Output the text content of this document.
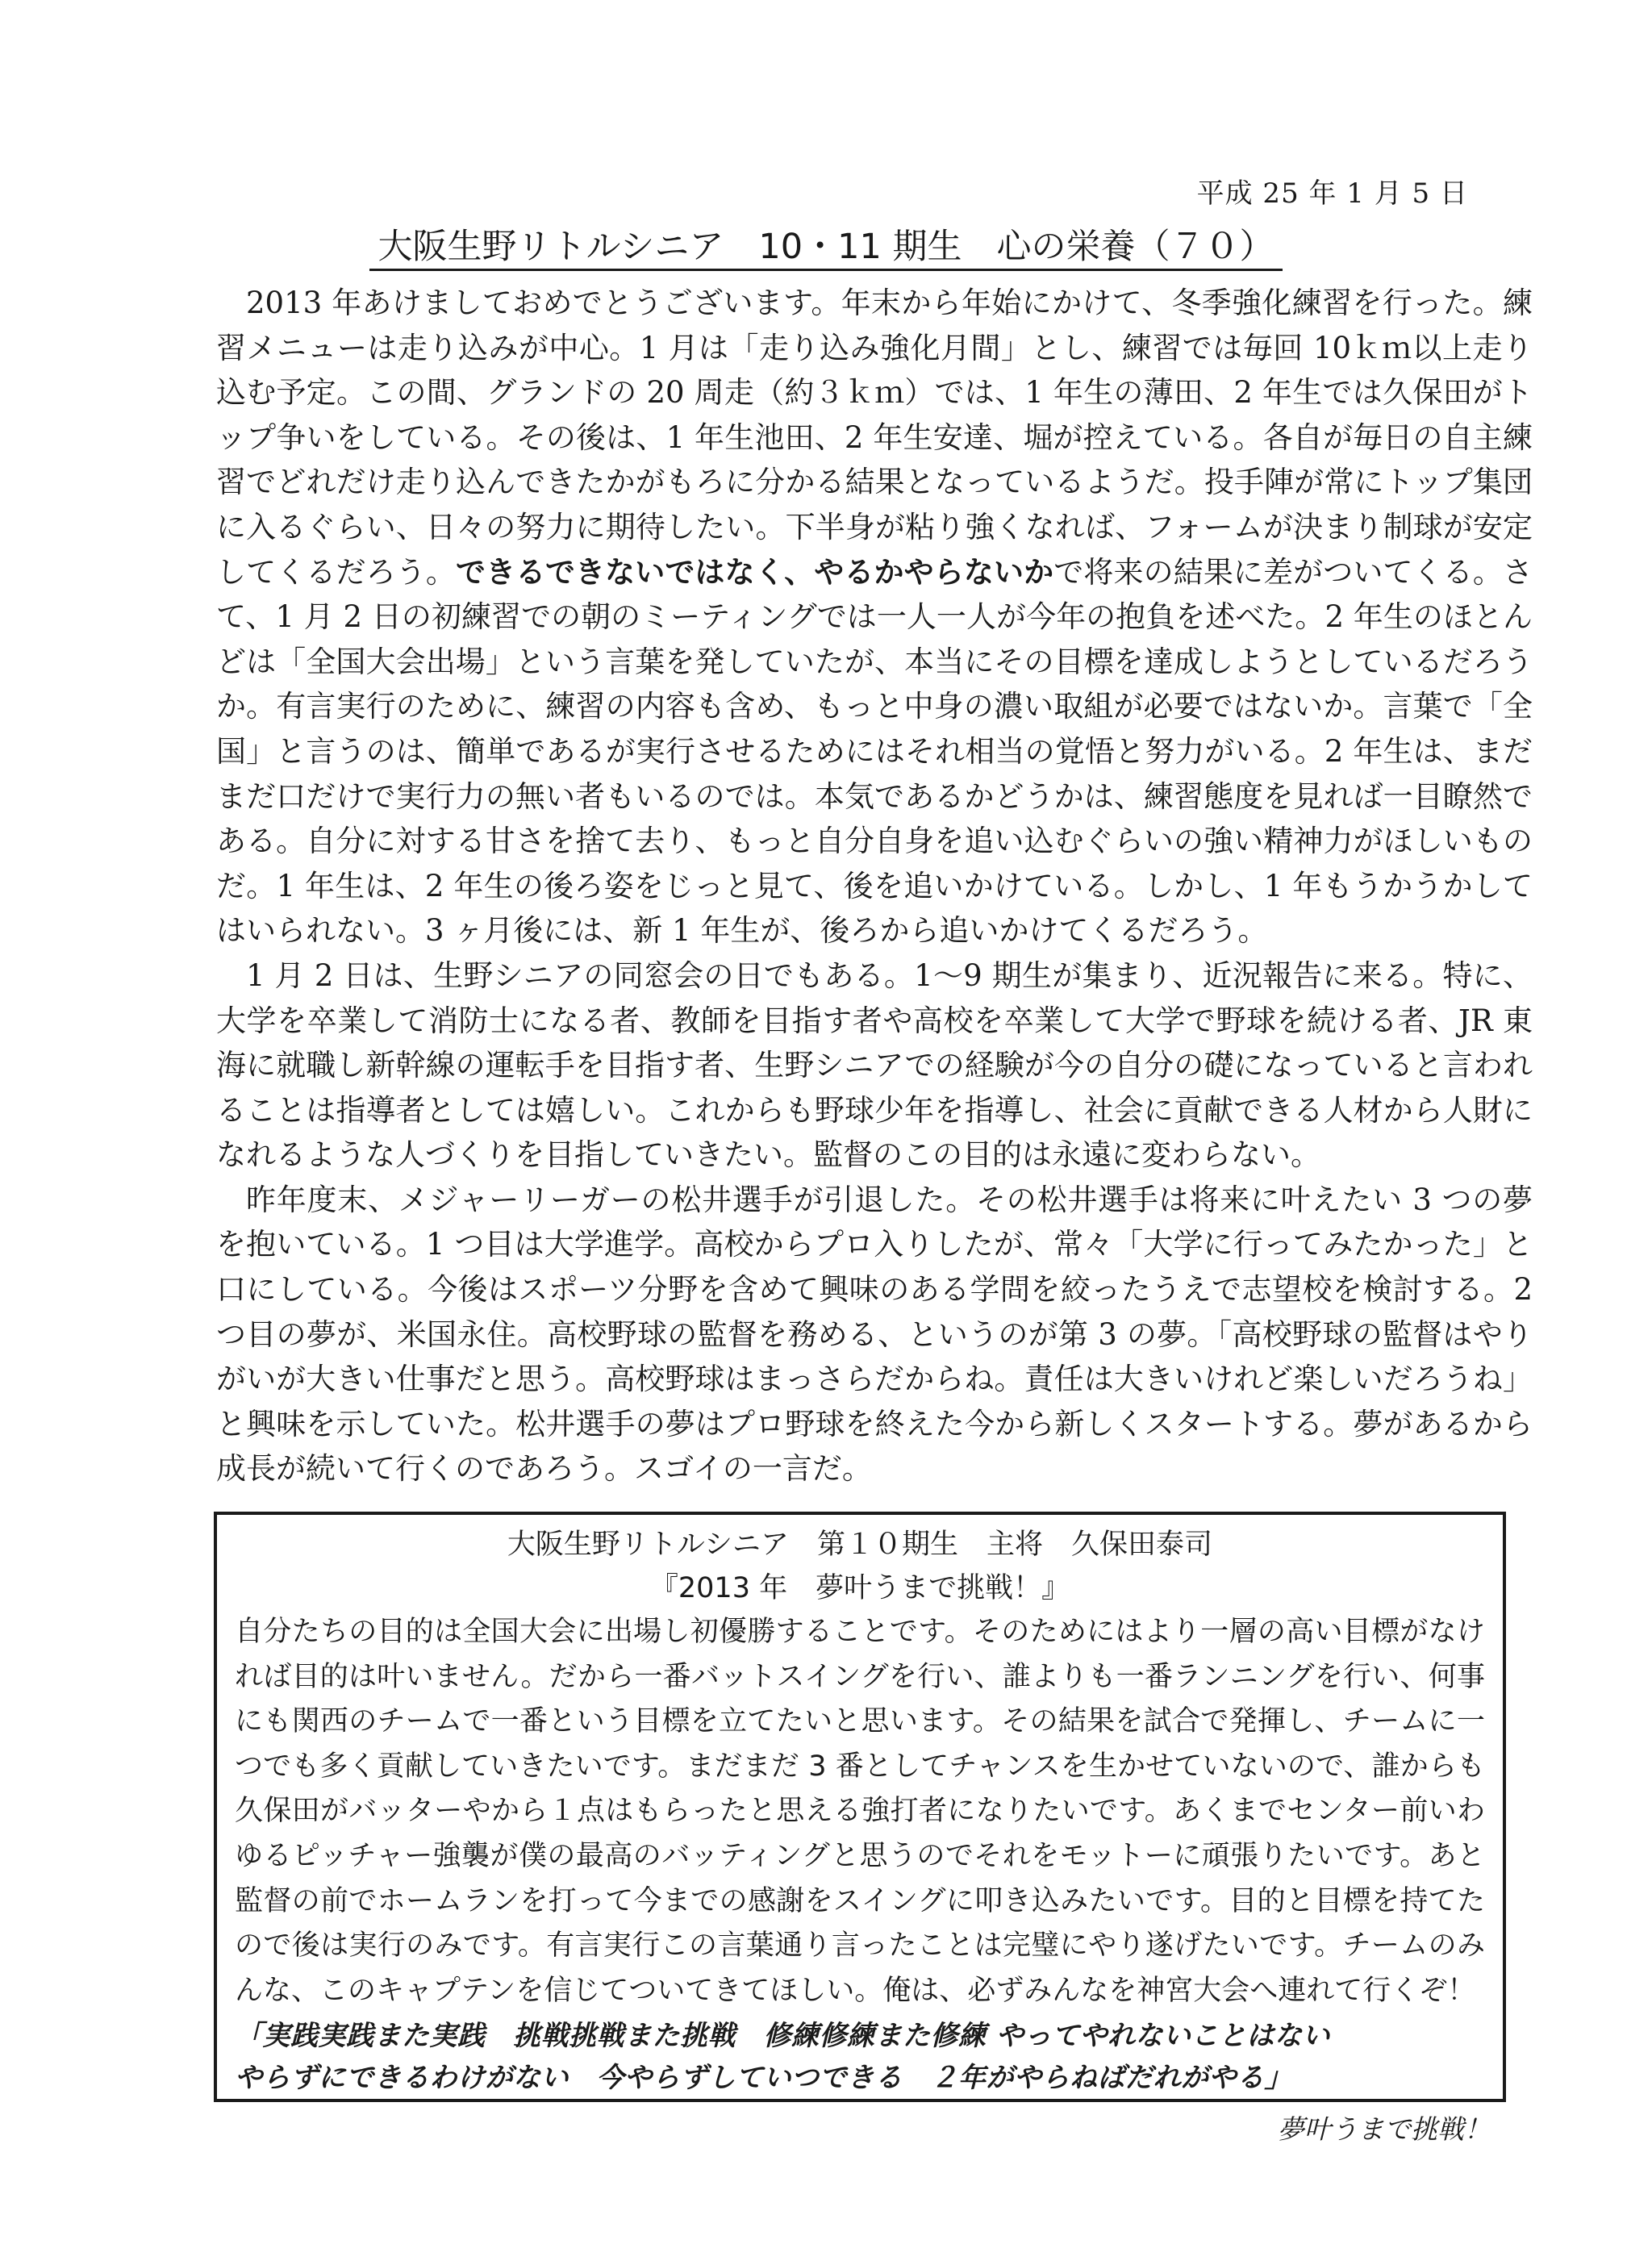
平成 25 年 1 月 5 日
大阪生野リトルシニア　10・11 期生　心の栄養（７０）

2013 年あけましておめでとうございます。年末から年始にかけて、冬季強化練習を行った。練習メニューは走り込みが中心。1 月は「走り込み強化月間」とし、練習では毎回 10ｋｍ以上走り込む予定。この間、グランドの 20 周走（約３ｋｍ）では、1 年生の薄田、2 年生では久保田がトップ争いをしている。その後は、1 年生池田、2 年生安達、堀が控えている。各自が毎日の自主練習でどれだけ走り込んできたかがもろに分かる結果となっているようだ。投手陣が常にトップ集団に入るぐらい、日々の努力に期待したい。下半身が粘り強くなれば、フォームが決まり制球が安定してくるだろう。できるできないではなく、やるかやらないかで将来の結果に差がついてくる。さて、1 月 2 日の初練習での朝のミーティングでは一人一人が今年の抱負を述べた。2 年生のほとんどは「全国大会出場」という言葉を発していたが、本当にその目標を達成しようとしているだろうか。有言実行のために、練習の内容も含め、もっと中身の濃い取組が必要ではないか。言葉で「全国」と言うのは、簡単であるが実行させるためにはそれ相当の覚悟と努力がいる。2 年生は、まだまだ口だけで実行力の無い者もいるのでは。本気であるかどうかは、練習態度を見れば一目瞭然である。自分に対する甘さを捨て去り、もっと自分自身を追い込むぐらいの強い精神力がほしいものだ。1 年生は、2 年生の後ろ姿をじっと見て、後を追いかけている。しかし、1 年もうかうかしてはいられない。3 ヶ月後には、新 1 年生が、後ろから追いかけてくるだろう。

1 月 2 日は、生野シニアの同窓会の日でもある。1～9 期生が集まり、近況報告に来る。特に、大学を卒業して消防士になる者、教師を目指す者や高校を卒業して大学で野球を続ける者、JR 東海に就職し新幹線の運転手を目指す者、生野シニアでの経験が今の自分の礎になっていると言われることは指導者としては嬉しい。これからも野球少年を指導し、社会に貢献できる人材から人財になれるような人づくりを目指していきたい。監督のこの目的は永遠に変わらない。

昨年度末、メジャーリーガーの松井選手が引退した。その松井選手は将来に叶えたい 3 つの夢を抱いている。1 つ目は大学進学。高校からプロ入りしたが、常々「大学に行ってみたかった」と口にしている。今後はスポーツ分野を含めて興味のある学問を絞ったうえで志望校を検討する。2 つ目の夢が、米国永住。高校野球の監督を務める、というのが第 3 の夢。「高校野球の監督はやりがいが大きい仕事だと思う。高校野球はまっさらだからね。責任は大きいけれど楽しいだろうね」と興味を示していた。松井選手の夢はプロ野球を終えた今から新しくスタートする。夢があるから成長が続いて行くのであろう。スゴイの一言だ。

大阪生野リトルシニア　第１０期生　主将　久保田泰司
『2013 年　夢叶うまで挑戦！』
自分たちの目的は全国大会に出場し初優勝することです。そのためにはより一層の高い目標がなければ目的は叶いません。だから一番バットスイングを行い、誰よりも一番ランニングを行い、何事にも関西のチームで一番という目標を立てたいと思います。その結果を試合で発揮し、チームに一つでも多く貢献していきたいです。まだまだ 3 番としてチャンスを生かせていないので、誰からも久保田がバッターやから１点はもらったと思える強打者になりたいです。あくまでセンター前いわゆるピッチャー強襲が僕の最高のバッティングと思うのでそれをモットーに頑張りたいです。あと監督の前でホームランを打って今までの感謝をスイングに叩き込みたいです。目的と目標を持てたので後は実行のみです。有言実行この言葉通り言ったことは完璧にやり遂げたいです。チームのみんな、このキャプテンを信じてついてきてほしい。俺は、必ずみんなを神宮大会へ連れて行くぞ！
「実践実践また実践　挑戦挑戦また挑戦　修練修練また修練 やってやれないことはない
やらずにできるわけがない　今やらずしていつできる　２年がやらねばだれがやる」
夢叶うまで挑戦！
